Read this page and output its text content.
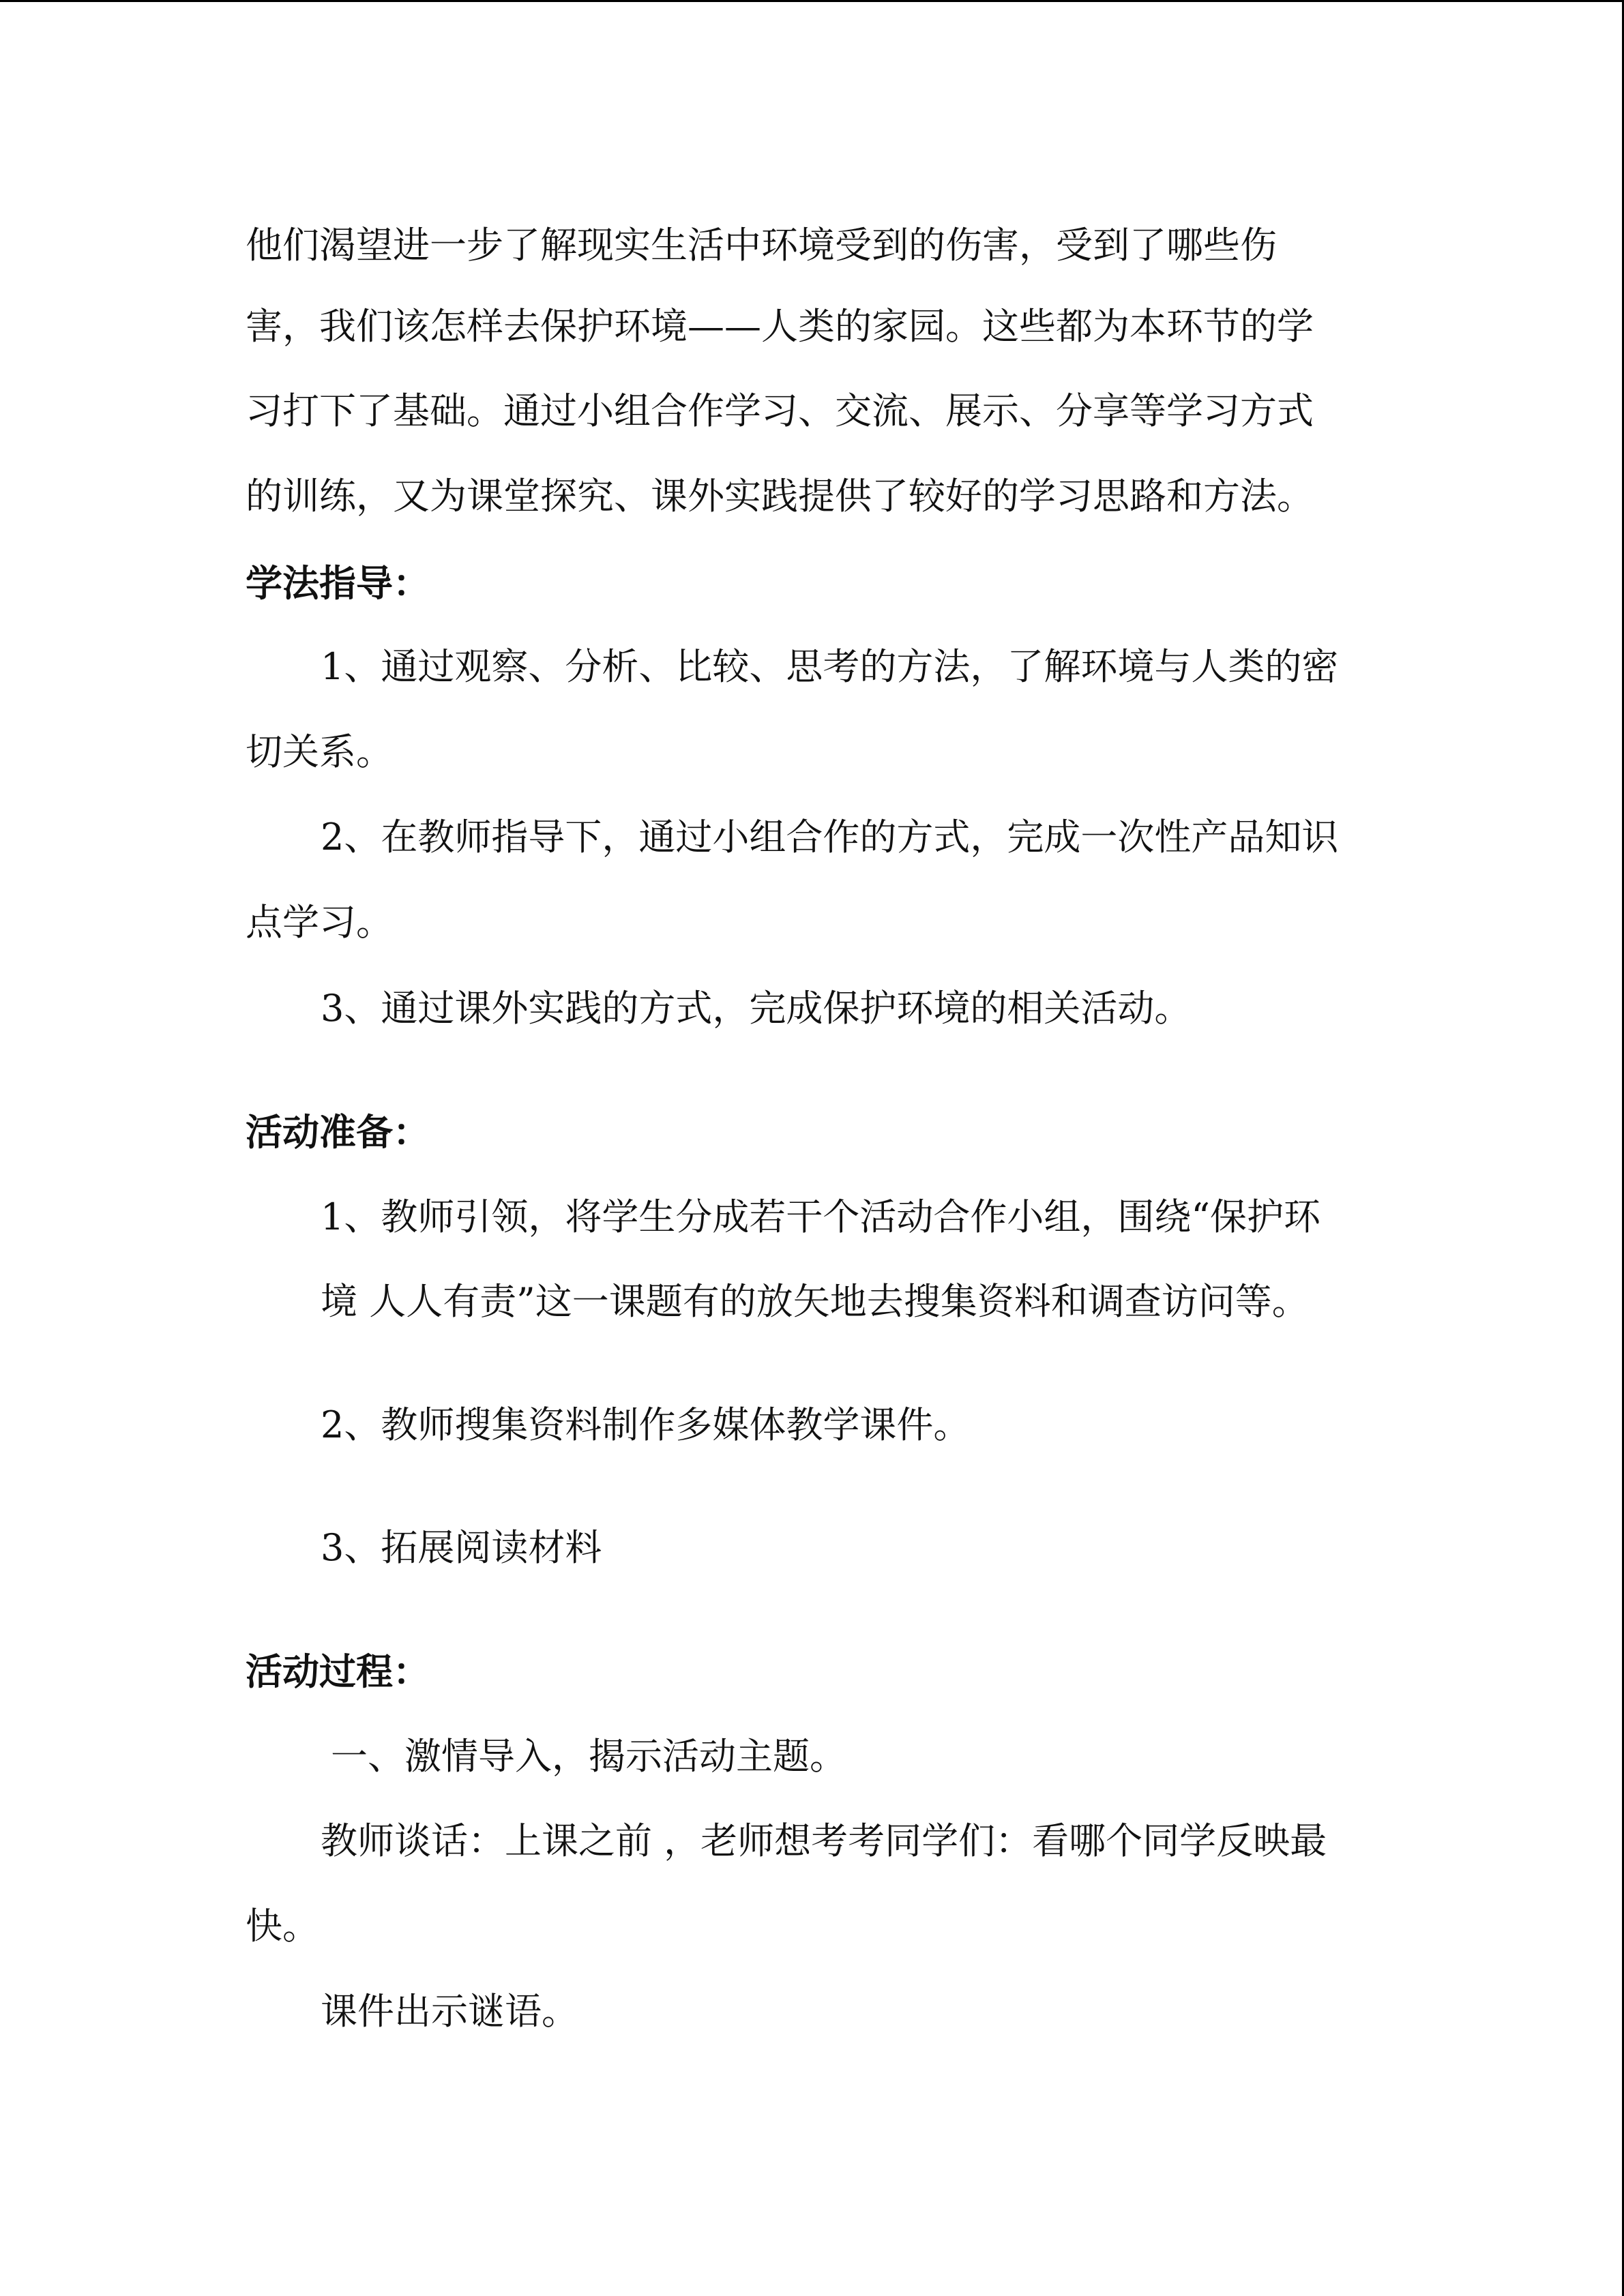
他们渴望进一步了解现实生活中环境受到的伤害，受到了哪些伤

害，我们该怎样去保护环境——人类的家园。这些都为本环节的学

习打下了基础。通过小组合作学习、交流、展示、分享等学习方式

的训练，又为课堂探究、课外实践提供了较好的学习思路和方法。

学法指导：

1、通过观察、分析、比较、思考的方法，了解环境与人类的密

切关系。

2、在教师指导下，通过小组合作的方式，完成一次性产品知识

点学习。

3、通过课外实践的方式，完成保护环境的相关活动。

活动准备：

1、教师引领，将学生分成若干个活动合作小组，围绕“保护环

境 人人有责”这一课题有的放矢地去搜集资料和调查访问等。

2、教师搜集资料制作多媒体教学课件。

3、拓展阅读材料

活动过程：

一、激情导入，揭示活动主题。

教师谈话：上课之前 ，老师想考考同学们：看哪个同学反映最

快。

课件出示谜语。
